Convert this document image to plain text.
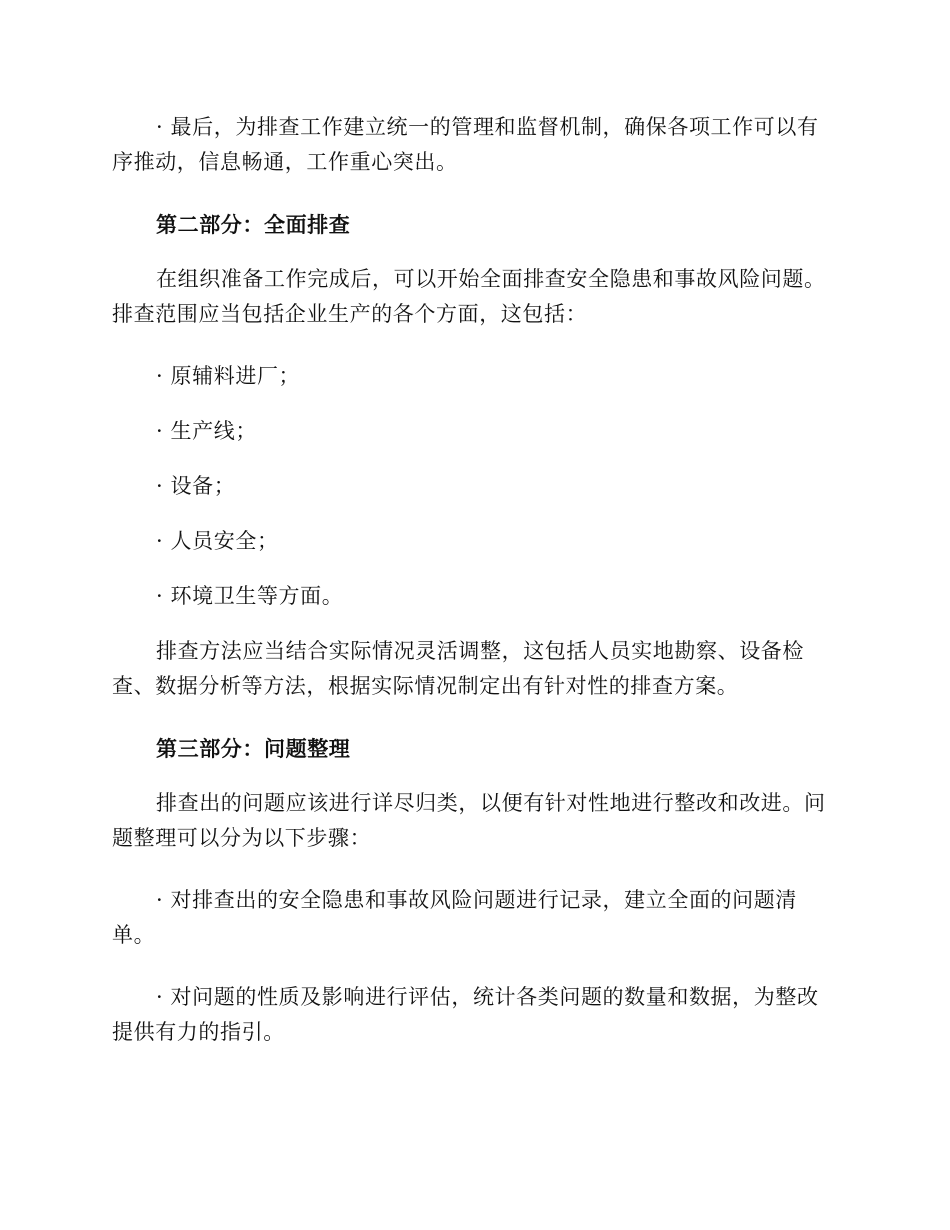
· 最后，为排查工作建立统一的管理和监督机制，确保各项工作可以有序推动，信息畅通，工作重心突出。

第二部分：全面排查

在组织准备工作完成后，可以开始全面排查安全隐患和事故风险问题。排查范围应当包括企业生产的各个方面，这包括：

· 原辅料进厂；

· 生产线；

· 设备；

· 人员安全；

· 环境卫生等方面。

排查方法应当结合实际情况灵活调整，这包括人员实地勘察、设备检查、数据分析等方法，根据实际情况制定出有针对性的排查方案。

第三部分：问题整理

排查出的问题应该进行详尽归类，以便有针对性地进行整改和改进。问题整理可以分为以下步骤：

· 对排查出的安全隐患和事故风险问题进行记录，建立全面的问题清单。

· 对问题的性质及影响进行评估，统计各类问题的数量和数据，为整改提供有力的指引。
